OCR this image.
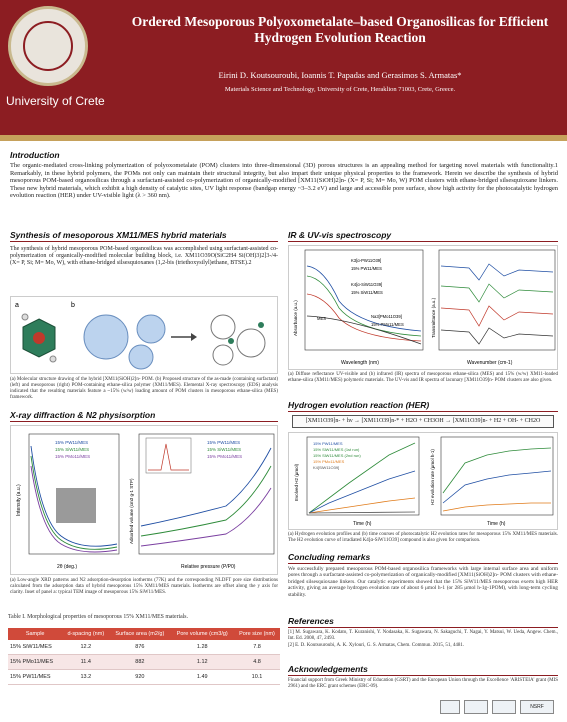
University of Crete
Ordered Mesoporous Polyoxometalate–based Organosilicas for Efficient Hydrogen Evolution Reaction
Eirini D. Koutsouroubi, Ioannis T. Papadas and Gerasimos S. Armatas*
Materials Science and Technology, University of Crete, Heraklion 71003, Crete, Greece.
Introduction
The organic-mediated cross-linking polymerization of polyoxometalate (POM) clusters into three-dimensional (3D) porous structures is an appealing method for targeting novel materials with functionality.1 Remarkably, in these hybrid polymers, the POMs not only can maintain their structural integrity, but also impart their unique physical properties to the framework. Herein we describe the synthesis of hybrid mesoporous POM-based organosilicas through a surfactant-assisted co-polymerization of organically-modified [XM11(SiOH)2]n- (X= P, Si; M= Mo, W) POM clusters with ethane-bridged silsesquioxane linkers. These new hybrid materials, which exhibit a high density of catalytic sites, UV light response (bandgap energy ~3–3.2 eV) and large and accessible pore surface, show high activity for the photocatalytic hydrogen evolution reaction (HER) under UV-visible light (λ > 360 nm).
Synthesis of mesoporous XM11/MES hybrid materials
The synthesis of hybrid mesoporous POM-based organosilicas was accomplished using surfactant-assisted co-polymerization of organically-modified molecular building block, i.e. XM11O39O(SiC2H4 Si(OH)3)2]3-/4- (X= P, Si; M= Mo, W), with ethane-bridged silsesquioxanes (1,2-bis (triethoxysilyl)ethane, BTSE).2
a	b
(a) Molecular structure drawing of the hybrid [XM11(SiOH)2]n- POM. (b) Proposed structure of the as-made (containing surfactant) (left) and mesoporous (right) POM-containing ethane-silica polymer (XM11/MES). Elemental X-ray spectroscopy (EDS) analysis indicated that the resulting materials feature a ~15% (w/w) loading amount of POM clusters in mesoporous ethane-silica (MES) framework.
X-ray diffraction & N2 physisorption
15% PW11/MES
15% SiW11/MES
15% PMo11/MES
2θ (deg.)
Intensity (a.u.)
15% PW11/MES
15% SiW11/MES
15% PMo11/MES
Relative pressure (P/P0)
Adsorbed volume (cm3 g-1 STP)
(a) Low-angle XRD patterns and N2 adsorption-desorption isotherms (77K) and the corresponding NLDFT pore size distributions calculated from the adsorption data of hybrid mesoporous 15% XM11/MES materials. Isotherms are offset along the y axis for clarity. Inset of panel a: typical TEM image of mesoporous 15% SiW11/MES.
Table I. Morphological properties of mesoporous 15% XM11/MES materials.
Sample	d-spacing (nm)	Surface area (m2/g)	Pore volume (cm3/g)	Pore size (nm)
15% SiW11/MES	12.2	876	1.28	7.8
15% PMo11/MES	11.4	882	1.12	4.8
15% PW11/MES	13.2	920	1.49	10.1
IR & UV-vis spectroscopy
K3[α-PW11O39]
15% PW11/MES
K4[α-SiW11O39]
15% SiW11/MES
MES	Na3[PMo11O39]
15% PMo11/MES
Wavelength (nm)
Absorbance (a.u.)
Wavenumber (cm-1)
Transmittance (a.u.)
(a) Diffuse reflectance UV-visible and (b) infrared (IR) spectra of mesoporous ethane-silica (MES) and 15% (w/w) XM11-loaded ethane-silica (XM11/MES) polymeric materials. The UV-vis and IR spectra of lacunary [XM11O39]n- POM clusters are also given.
Hydrogen evolution reaction (HER)
[XM11O39]n- + hν → [XM11O39]n-* + H2O + CH3OH → [XM11O39]n- + H2 + OH- + CH2O
15% PW11/MES
15% SiW11/MES (1st run)
15% SiW11/MES (2nd run)
15% PMo11/MES
K4[SiW11O39]
Time (h)
Evolved H2 (μmol)
Time (h)
H2 evolution rate (μmol h-1)
(a) Hydrogen evolution profiles and (b) time courses of photocatalytic H2 evolution rates for mesoporous 15% XM11/MES materials. The H2 evolution curve of irradiated K4[α-SiW11O39] compound is also given for comparison.
Concluding remarks
We successfully prepared mesoporous POM-based organosilica frameworks with large internal surface area and uniform pores through a surfactant-assisted co-polymerization of organically-modified [XM11(SiOH)2]n- POM clusters with ethane-bridged silsesquioxane linkers. Our catalytic experiments showed that the 15% SiW11/MES mesoporous exerts high HER activity, giving an average hydrogen evolution rate of about 6 μmol h-1 (or 285 μmol h-1g-1POM), with long-term cycling stability.
References
[1] M. Sugawara, K. Kodato, T. Kuranishi, Y. Nodasaka, K. Sugawara, N. Sakaguchi, T. Nagai, Y. Matsui, W. Ueda, Angew. Chem., Int. Ed. 2008, 47, 2493.
[2] E. D. Koutsouroubi, A. K. Xylouri, G. S. Armatas, Chem. Commun. 2015, 51, 4481.
Acknowledgements
Financial support from Greek Ministry of Education (GSRT) and the European Union through the Excellence 'ARISTEIA' grant (MIS 2961) and the ERC grant schemes (ERC-09).
NSRF
